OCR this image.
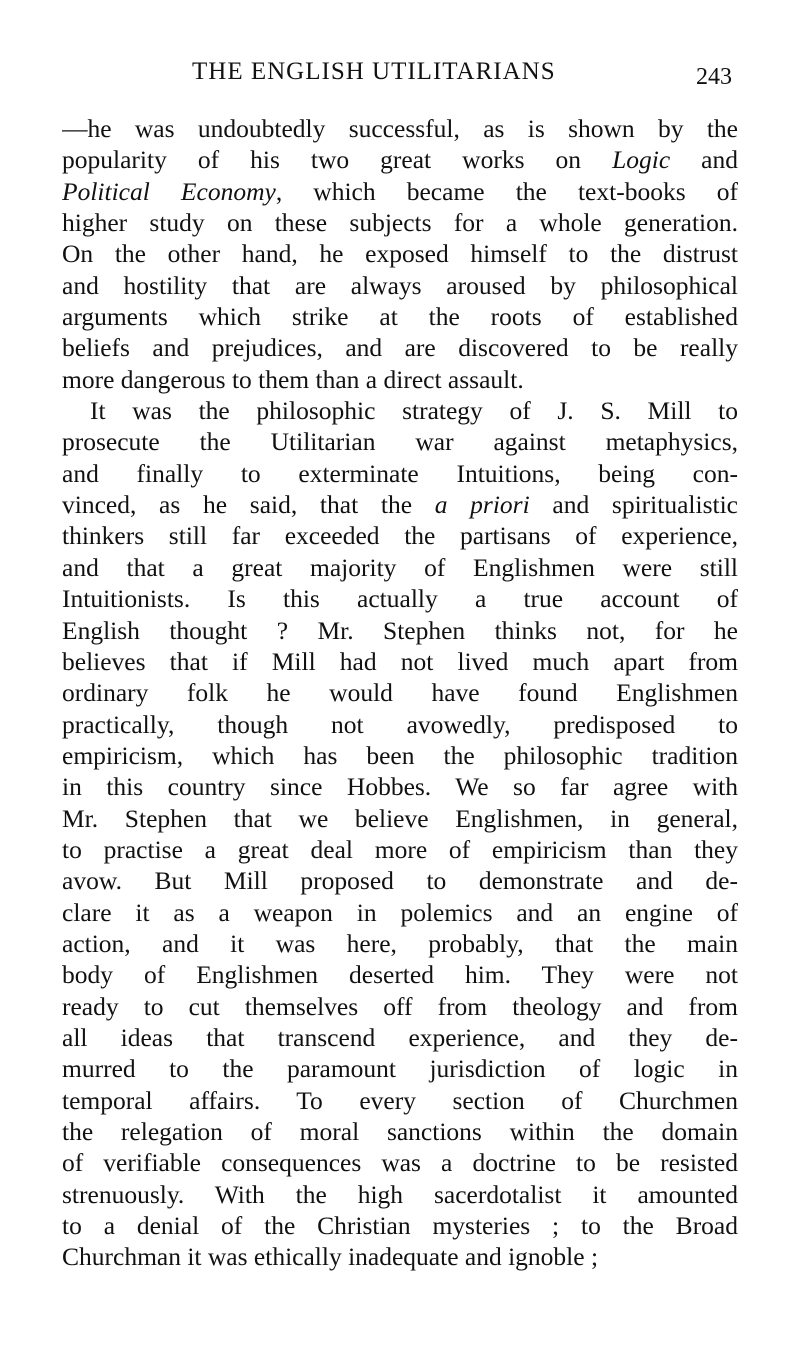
THE ENGLISH UTILITARIANS	243
—he was undoubtedly successful, as is shown by the
popularity of his two great works on Logic and
Political Economy, which became the text-books of
higher study on these subjects for a whole generation.
On the other hand, he exposed himself to the distrust
and hostility that are always aroused by philosophical
arguments which strike at the roots of established
beliefs and prejudices, and are discovered to be really
more dangerous to them than a direct assault.
It was the philosophic strategy of J. S. Mill to
prosecute the Utilitarian war against metaphysics,
and finally to exterminate Intuitions, being con-
vinced, as he said, that the a priori and spiritualistic
thinkers still far exceeded the partisans of experience,
and that a great majority of Englishmen were still
Intuitionists. Is this actually a true account of
English thought ? Mr. Stephen thinks not, for he
believes that if Mill had not lived much apart from
ordinary folk he would have found Englishmen
practically, though not avowedly, predisposed to
empiricism, which has been the philosophic tradition
in this country since Hobbes. We so far agree with
Mr. Stephen that we believe Englishmen, in general,
to practise a great deal more of empiricism than they
avow. But Mill proposed to demonstrate and de-
clare it as a weapon in polemics and an engine of
action, and it was here, probably, that the main
body of Englishmen deserted him. They were not
ready to cut themselves off from theology and from
all ideas that transcend experience, and they de-
murred to the paramount jurisdiction of logic in
temporal affairs. To every section of Churchmen
the relegation of moral sanctions within the domain
of verifiable consequences was a doctrine to be resisted
strenuously. With the high sacerdotalist it amounted
to a denial of the Christian mysteries ; to the Broad
Churchman it was ethically inadequate and ignoble ;
